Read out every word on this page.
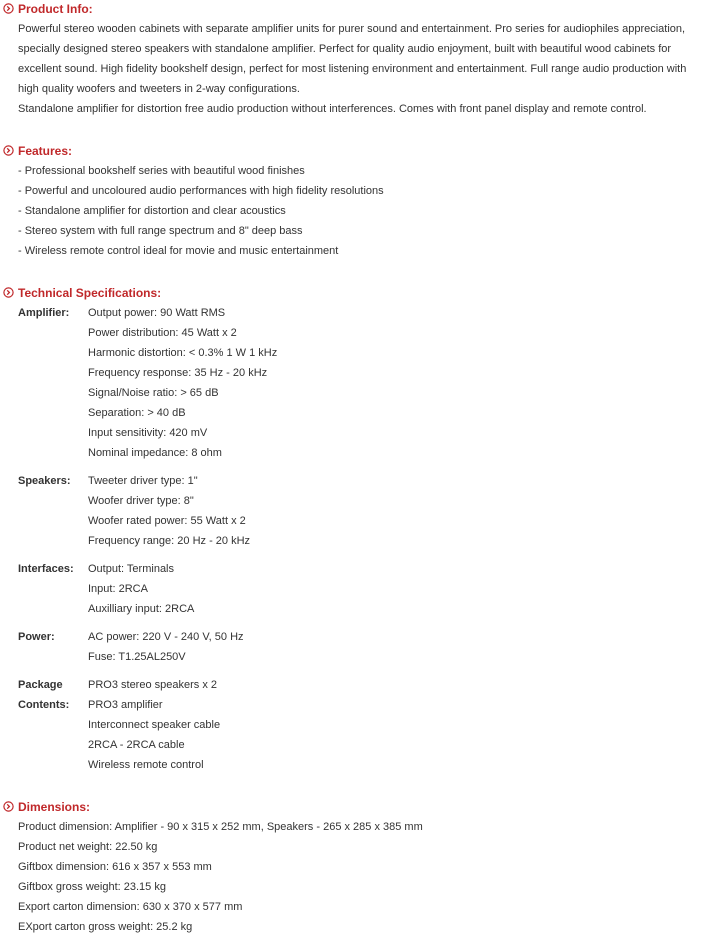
Product Info:

Powerful stereo wooden cabinets with separate amplifier units for purer sound and entertainment. Pro series for audiophiles appreciation, specially designed stereo speakers with standalone amplifier. Perfect for quality audio enjoyment, built with beautiful wood cabinets for excellent sound. High fidelity bookshelf design, perfect for most listening environment and entertainment. Full range audio production with high quality woofers and tweeters in 2-way configurations.

Standalone amplifier for distortion free audio production without interferences. Comes with front panel display and remote control.

Features:
- Professional bookshelf series with beautiful wood finishes
- Powerful and uncoloured audio performances with high fidelity resolutions
- Standalone amplifier for distortion and clear acoustics
- Stereo system with full range spectrum and 8" deep bass
- Wireless remote control ideal for movie and music entertainment
Technical Specifications:
Amplifier: Output power: 90 Watt RMS
Power distribution: 45 Watt x 2
Harmonic distortion: < 0.3% 1 W 1 kHz
Frequency response: 35 Hz - 20 kHz
Signal/Noise ratio: > 65 dB
Separation: > 40 dB
Input sensitivity: 420 mV
Nominal impedance: 8 ohm
Speakers: Tweeter driver type: 1"
Woofer driver type: 8"
Woofer rated power: 55 Watt x 2
Frequency range: 20 Hz - 20 kHz
Interfaces: Output: Terminals
Input: 2RCA
Auxilliary input: 2RCA
Power:	AC power: 220 V - 240 V, 50 Hz
Fuse: T1.25AL250V
Package
Contents:
PRO3 stereo speakers x 2
PRO3 amplifier
Interconnect speaker cable
2RCA - 2RCA cable
Wireless remote control
Dimensions:
Product dimension: Amplifier - 90 x 315 x 252 mm, Speakers - 265 x 285 x 385 mm
Product net weight: 22.50 kg
Giftbox dimension: 616 x 357 x 553 mm
Giftbox gross weight: 23.15 kg
Export carton dimension: 630 x 370 x 577 mm
EXport carton gross weight: 25.2 kg
